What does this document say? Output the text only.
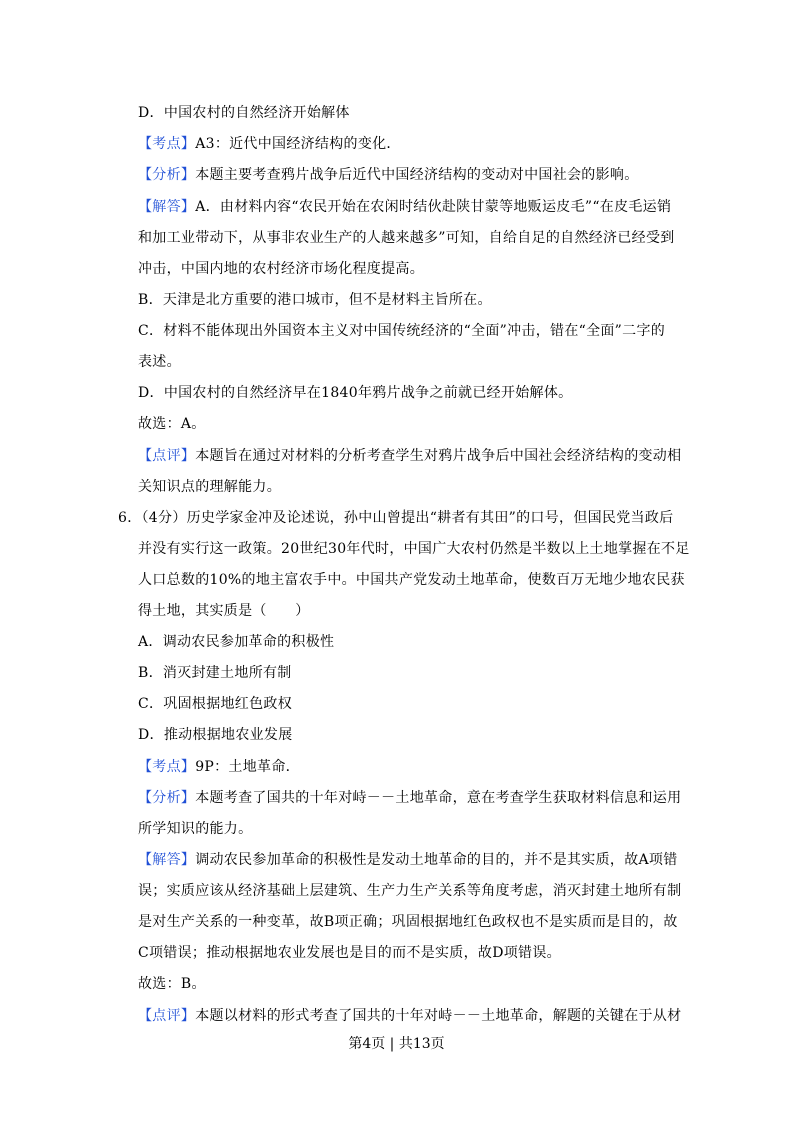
D．中国农村的自然经济开始解体
【考点】A3：近代中国经济结构的变化．
【分析】本题主要考查鸦片战争后近代中国经济结构的变动对中国社会的影响。
【解答】A．由材料内容“农民开始在农闲时结伙赴陕甘蒙等地贩运皮毛”“在皮毛运销
和加工业带动下，从事非农业生产的人越来越多”可知，自给自足的自然经济已经受到
冲击，中国内地的农村经济市场化程度提高。
B．天津是北方重要的港口城市，但不是材料主旨所在。
C．材料不能体现出外国资本主义对中国传统经济的“全面”冲击，错在“全面”二字的
表述。
D．中国农村的自然经济早在1840年鸦片战争之前就已经开始解体。
故选：A。
【点评】本题旨在通过对材料的分析考查学生对鸦片战争后中国社会经济结构的变动相
关知识点的理解能力。
6．（4分）历史学家金冲及论述说，孙中山曾提出“耕者有其田”的口号，但国民党当政后
并没有实行这一政策。20世纪30年代时，中国广大农村仍然是半数以上土地掌握在不足
人口总数的10%的地主富农手中。中国共产党发动土地革命，使数百万无地少地农民获
得土地，其实质是（　　）
A．调动农民参加革命的积极性
B．消灭封建土地所有制
C．巩固根据地红色政权
D．推动根据地农业发展
【考点】9P：土地革命．
【分析】本题考查了国共的十年对峙－－土地革命，意在考查学生获取材料信息和运用
所学知识的能力。
【解答】调动农民参加革命的积极性是发动土地革命的目的，并不是其实质，故A项错
误；实质应该从经济基础上层建筑、生产力生产关系等角度考虑，消灭封建土地所有制
是对生产关系的一种变革，故B项正确；巩固根据地红色政权也不是实质而是目的，故
C项错误；推动根据地农业发展也是目的而不是实质，故D项错误。
故选：B。
【点评】本题以材料的形式考查了国共的十年对峙－－土地革命，解题的关键在于从材
第4页 | 共13页
